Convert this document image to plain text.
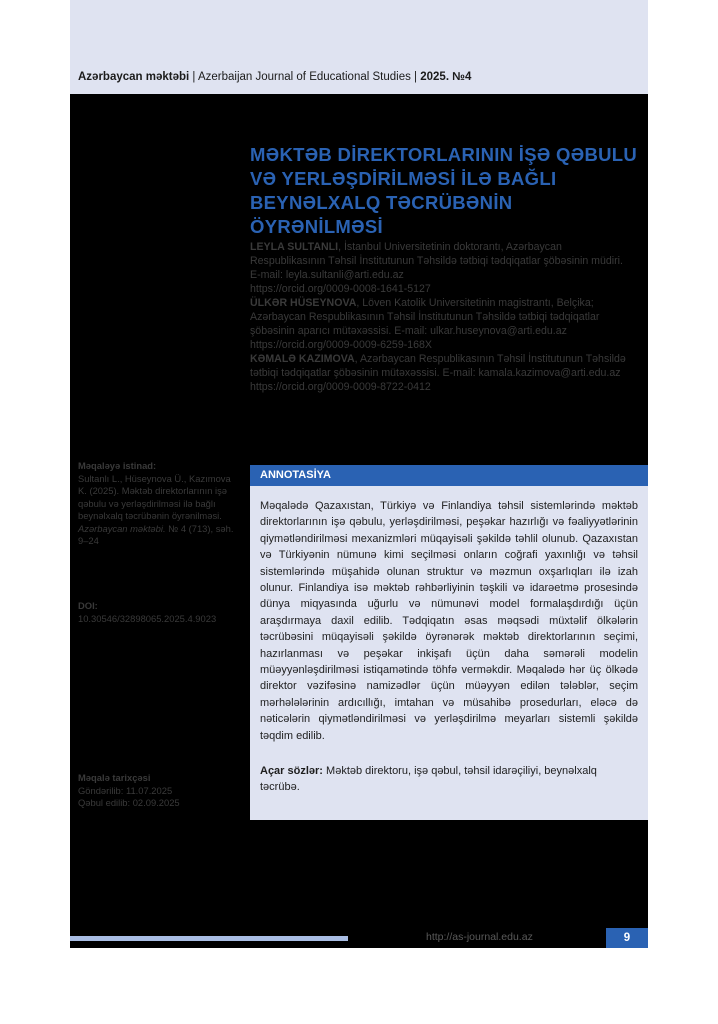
Azərbaycan məktəbi | Azerbaijan Journal of Educational Studies | 2025. №4
MƏKTƏB DİREKTORLARININ İŞƏ QƏBULU
VƏ YERLƏŞDİRİLMƏSİ İLƏ BAĞLI
BEYNƏLXALQ TƏCRÜBƏNİN ÖYRƏNİLMƏSİ

LEYLA SULTANLI, İstanbul Universitetinin doktorantı, Azərbaycan Respublikasının Təhsil İnstitutunun Təhsildə tətbiqi tədqiqatlar şöbəsinin müdiri. E-mail: leyla.sultanli@arti.edu.az
https://orcid.org/0009-0008-1641-5127

ÜLKƏR HÜSEYNOVA, Löven Katolik Universitetinin magistrantı, Belçika; Azərbaycan Respublikasının Təhsil İnstitutunun Təhsildə tətbiqi tədqiqatlar şöbəsinin aparıcı mütəxəssisi. E-mail: ulkar.huseynova@arti.edu.az
https://orcid.org/0009-0009-6259-168X

KƏMALƏ KAZIMOVA, Azərbaycan Respublikasının Təhsil İnstitutunun Təhsildə tətbiqi tədqiqatlar şöbəsinin mütəxəssisi. E-mail: kamala.kazimova@arti.edu.az
https://orcid.org/0009-0009-8722-0412

Məqaləyə istinad:
Sultanlı L., Hüseynova Ü., Kazımova K. (2025). Məktəb direktorlarının işə qəbulu və yerləşdirilməsi ilə bağlı beynəlxalq təcrübənin öyrənilməsi. Azərbaycan məktəbi. № 4 (713), səh. 9–24
DOI:
10.30546/32898065.2025.4.9023
Məqalə tarixçəsi
Göndərilib: 11.07.2025
Qəbul edilib: 02.09.2025
ANNOTASİYA
Məqalədə Qazaxıstan, Türkiyə və Finlandiya təhsil sistemlərində məktəb direktorlarının işə qəbulu, yerləşdirilməsi, peşəkar hazırlığı və fəaliyyətlərinin qiymətləndirilməsi mexanizmləri müqayisəli şəkildə təhlil olunub. Qazaxıstan və Türkiyənin nümunə kimi seçilməsi onların coğrafi yaxınlığı və təhsil sistemlərində müşahidə olunan struktur və məzmun oxşarlıqları ilə izah olunur. Finlandiya isə məktəb rəhbərliyinin təşkili və idarəetmə prosesində dünya miqyasında uğurlu və nümunəvi model formalaşdırdığı üçün araşdırmaya daxil edilib. Tədqiqatın əsas məqsədi müxtəlif ölkələrin təcrübəsini müqayisəli şəkildə öyrənərək məktəb direktorlarının seçimi, hazırlanması və peşəkar inkişafı üçün daha səmərəli modelin müəyyənləşdirilməsi istiqamətində töhfə verməkdir. Məqalədə hər üç ölkədə direktor vəzifəsinə namizədlər üçün müəyyən edilən tələblər, seçim mərhələlərinin ardıcıllığı, imtahan və müsahibə prosedurları, eləcə də nəticələrin qiymətləndirilməsi və yerləşdirilmə meyarları sistemli şəkildə təqdim edilib.
Açar sözlər: Məktəb direktoru, işə qəbul, təhsil idarəçiliyi, beynəlxalq təcrübə.
http://as-journal.edu.az	9
